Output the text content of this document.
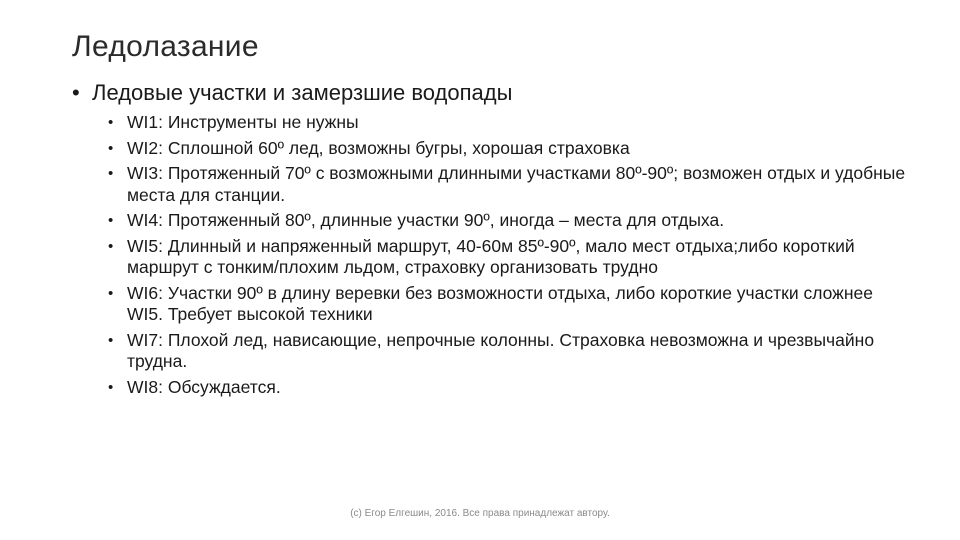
Ледолазание
• Ледовые участки и замерзшие водопады
• WI1: Инструменты не нужны
• WI2: Сплошной 60º лед, возможны бугры, хорошая страховка
• WI3: Протяженный 70º с возможными длинными участками 80º-90º; возможен отдых и удобные места для станции.
• WI4: Протяженный 80º, длинные участки 90º, иногда – места для отдыха.
• WI5: Длинный и напряженный маршрут, 40-60м 85º-90º, мало мест отдыха;либо короткий маршрут с тонким/плохим льдом, страховку организовать трудно
• WI6: Участки 90º в длину веревки без возможности отдыха, либо короткие участки сложнее WI5. Требует высокой техники
• WI7: Плохой лед, нависающие, непрочные колонны. Страховка невозможна и чрезвычайно трудна.
• WI8: Обсуждается.
(c) Егор Елгешин, 2016. Все права принадлежат автору.
